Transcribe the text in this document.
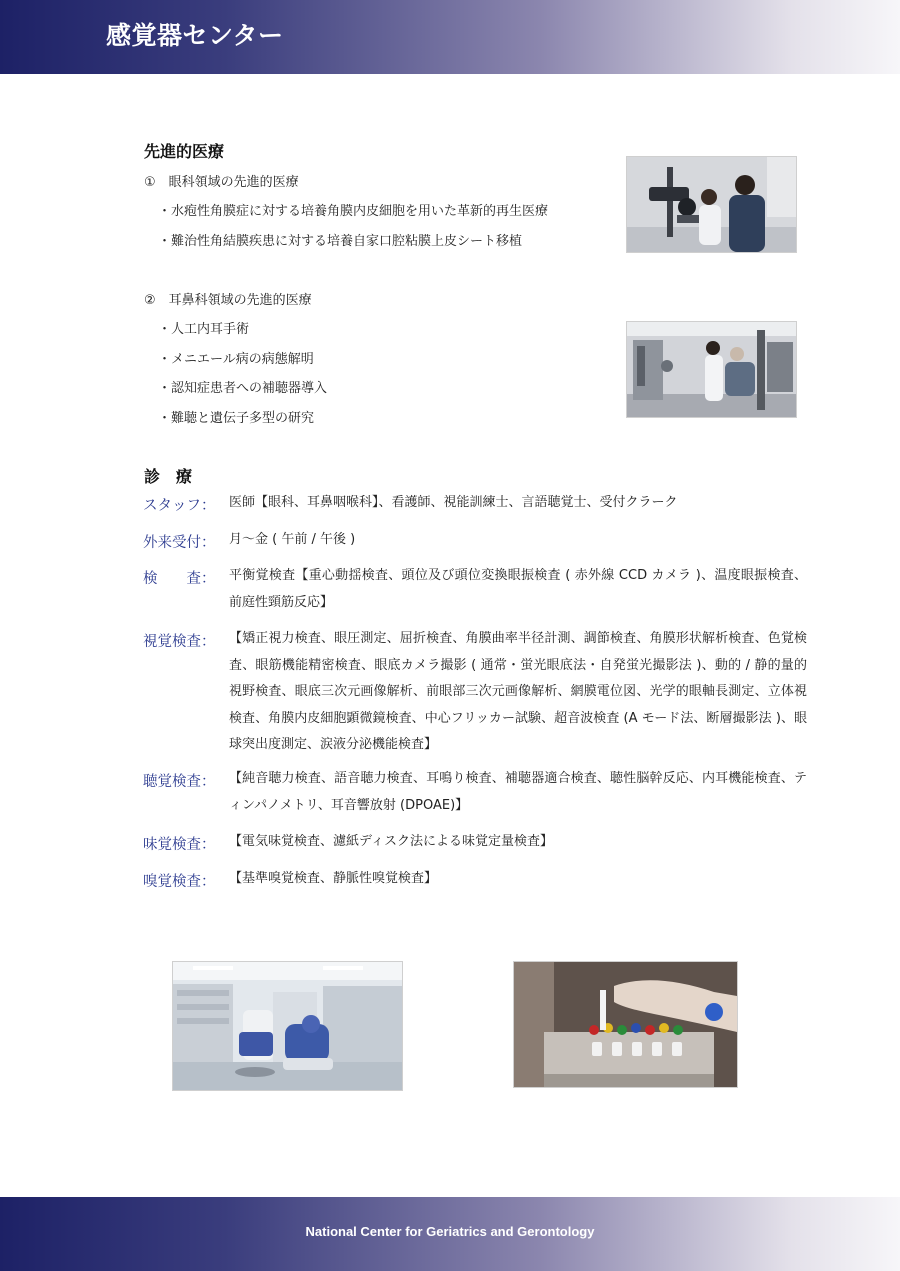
感覚器センター
先進的医療
①　眼科領域の先進的医療
・水疱性角膜症に対する培養角膜内皮細胞を用いた革新的再生医療
・難治性角結膜疾患に対する培養自家口腔粘膜上皮シート移植
②　耳鼻科領域の先進的医療
・人工内耳手術
・メニエール病の病態解明
・認知症患者への補聴器導入
・難聴と遺伝子多型の研究
診　療
スタッフ： 医師【眼科、耳鼻咽喉科】、看護師、視能訓練士、言語聴覚士、受付クラーク
外来受付： 月～金 ( 午前 / 午後 )
検　　査： 平衡覚検査【重心動揺検査、頭位及び頭位変換眼振検査 ( 赤外線 CCD カメラ )、温度眼振検査、前庭性頸筋反応】
視覚検査： 【矯正視力検査、眼圧測定、屈折検査、角膜曲率半径計測、調節検査、角膜形状解析検査、色覚検査、眼筋機能精密検査、眼底カメラ撮影 ( 通常・蛍光眼底法・自発蛍光撮影法 )、動的 / 静的量的視野検査、眼底三次元画像解析、前眼部三次元画像解析、網膜電位図、光学的眼軸長測定、立体視検査、角膜内皮細胞顕微鏡検査、中心フリッカー試験、超音波検査 (A モード法、断層撮影法 )、眼球突出度測定、涙液分泌機能検査】
聴覚検査： 【純音聴力検査、語音聴力検査、耳鳴り検査、補聴器適合検査、聴性脳幹反応、内耳機能検査、ティンパノメトリ、耳音響放射 (DPOAE)】
味覚検査： 【電気味覚検査、濾紙ディスク法による味覚定量検査】
嗅覚検査： 【基準嗅覚検査、静脈性嗅覚検査】
National Center for Geriatrics and Gerontology
